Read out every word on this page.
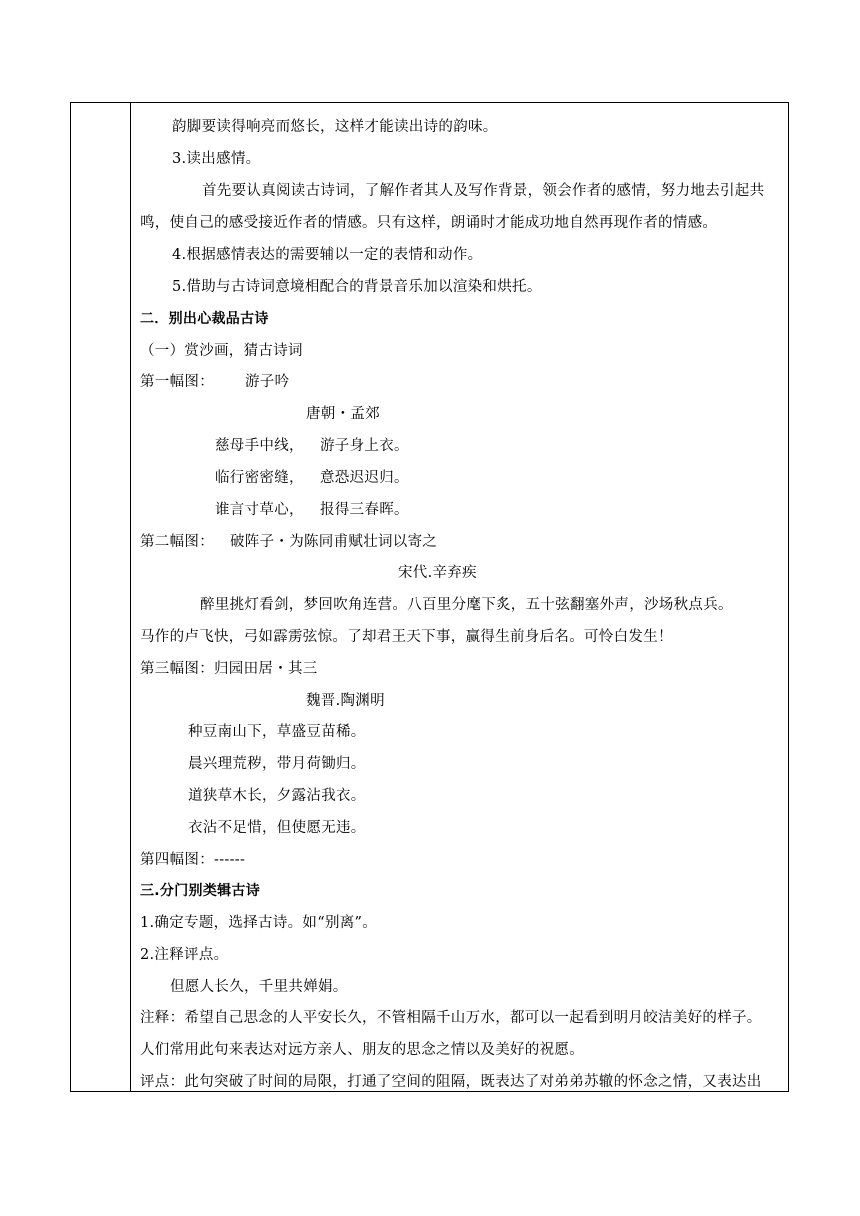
韵脚要读得响亮而悠长，这样才能读出诗的韵味。
3.读出感情。
首先要认真阅读古诗词，了解作者其人及写作背景，领会作者的感情，努力地去引起共
鸣，使自己的感受接近作者的情感。只有这样，朗诵时才能成功地自然再现作者的情感。
4.根据感情表达的需要辅以一定的表情和动作。
5.借助与古诗词意境相配合的背景音乐加以渲染和烘托。
二．别出心裁品古诗
（一）赏沙画，猜古诗词
第一幅图： 游子吟
唐朝・孟郊
慈母手中线， 游子身上衣。
临行密密缝， 意恐迟迟归。
谁言寸草心， 报得三春晖。
第二幅图： 破阵子・为陈同甫赋壮词以寄之
宋代.辛弃疾
醉里挑灯看剑，梦回吹角连营。八百里分麾下炙，五十弦翻塞外声，沙场秋点兵。
马作的卢飞快，弓如霹雳弦惊。了却君王天下事，赢得生前身后名。可怜白发生！
第三幅图：归园田居・其三
魏晋.陶渊明
种豆南山下，草盛豆苗稀。
晨兴理荒秽，带月荷锄归。
道狭草木长，夕露沾我衣。
衣沾不足惜，但使愿无违。
第四幅图：------
三.分门别类辑古诗
1.确定专题，选择古诗。如“别离”。
2.注释评点。
但愿人长久，千里共婵娟。
注释：希望自己思念的人平安长久，不管相隔千山万水，都可以一起看到明月皎洁美好的样子。
人们常用此句来表达对远方亲人、朋友的思念之情以及美好的祝愿。
评点：此句突破了时间的局限，打通了空间的阻隔，既表达了对弟弟苏辙的怀念之情，又表达出
